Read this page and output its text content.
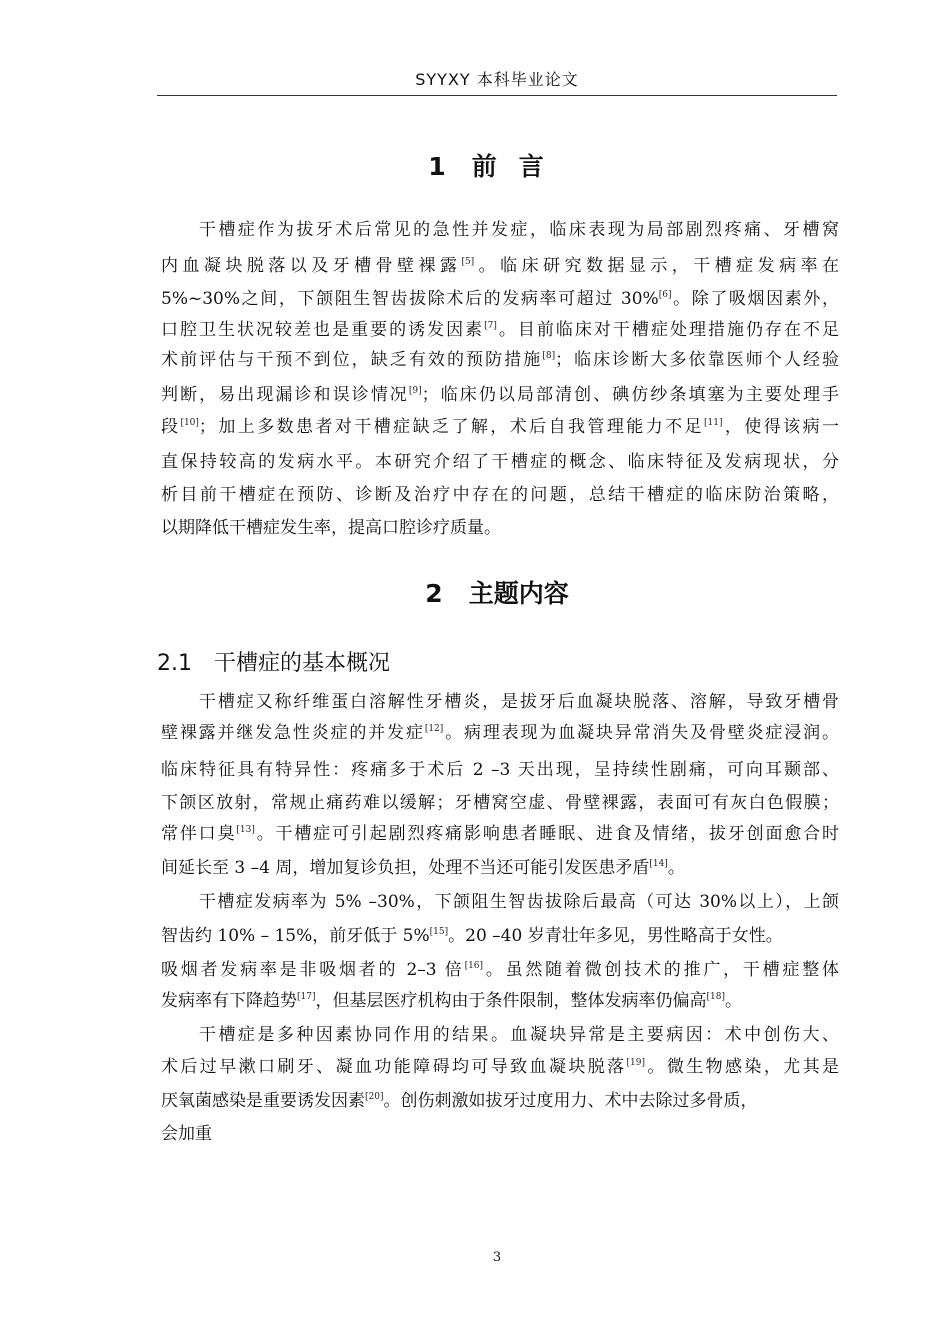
SYYXY 本科毕业论文
1 前言
干槽症作为拔牙术后常见的急性并发症，临床表现为局部剧烈疼痛、牙槽窝
内血凝块脱落以及牙槽骨壁裸露[5]。临床研究数据显示，干槽症发病率在
5%~30%之间，下颌阻生智齿拔除术后的发病率可超过 30%[6]。除了吸烟因素外，
口腔卫生状况较差也是重要的诱发因素[7]。目前临床对干槽症处理措施仍存在不足
术前评估与干预不到位，缺乏有效的预防措施[8]；临床诊断大多依靠医师个人经验
判断，易出现漏诊和误诊情况[9]；临床仍以局部清创、碘仿纱条填塞为主要处理手
段[10]；加上多数患者对干槽症缺乏了解，术后自我管理能力不足[11]，使得该病一
直保持较高的发病水平。本研究介绍了干槽症的概念、临床特征及发病现状，分
析目前干槽症在预防、诊断及治疗中存在的问题，总结干槽症的临床防治策略，
以期降低干槽症发生率，提高口腔诊疗质量。
2 主题内容
2.1 干槽症的基本概况
干槽症又称纤维蛋白溶解性牙槽炎，是拔牙后血凝块脱落、溶解，导致牙槽骨
壁裸露并继发急性炎症的并发症[12]。病理表现为血凝块异常消失及骨壁炎症浸润。
临床特征具有特异性：疼痛多于术后 2 –3 天出现，呈持续性剧痛，可向耳颞部、
下颌区放射，常规止痛药难以缓解；牙槽窝空虚、骨壁裸露，表面可有灰白色假膜；
常伴口臭[13]。干槽症可引起剧烈疼痛影响患者睡眠、进食及情绪，拔牙创面愈合时
间延长至 3 –4 周，增加复诊负担，处理不当还可能引发医患矛盾[14]。
干槽症发病率为 5% –30%，下颌阻生智齿拔除后最高（可达 30%以上），上颌
智齿约 10% – 15%，前牙低于 5%[15]。20 –40 岁青壮年多见，男性略高于女性。
吸烟者发病率是非吸烟者的 2–3 倍[16]。虽然随着微创技术的推广，干槽症整体
发病率有下降趋势[17]，但基层医疗机构由于条件限制，整体发病率仍偏高[18]。
干槽症是多种因素协同作用的结果。血凝块异常是主要病因：术中创伤大、
术后过早漱口刷牙、凝血功能障碍均可导致血凝块脱落[19]。微生物感染，尤其是
厌氧菌感染是重要诱发因素[20]。创伤刺激如拔牙过度用力、术中去除过多骨质，
会加重
3
